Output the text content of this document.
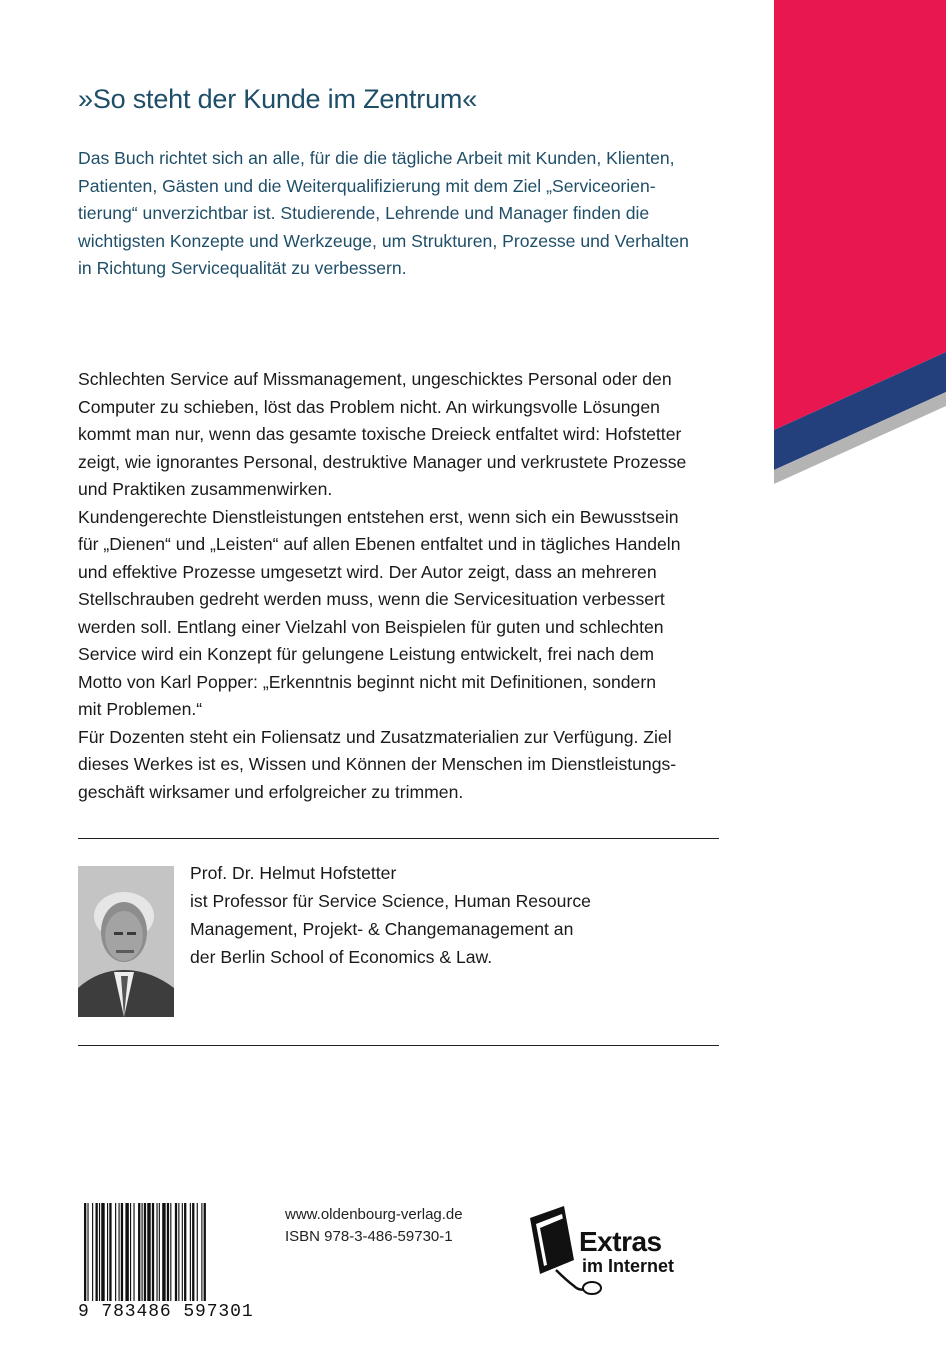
»So steht der Kunde im Zentrum«
Das Buch richtet sich an alle, für die die tägliche Arbeit mit Kunden, Klienten,
Patienten, Gästen und die Weiterqualifizierung mit dem Ziel „Serviceorien-
tierung“ unverzichtbar ist. Studierende, Lehrende und Manager finden die
wichtigsten Konzepte und Werkzeuge, um Strukturen, Prozesse und Verhalten
in Richtung Servicequalität zu verbessern.

Schlechten Service auf Missmanagement, ungeschicktes Personal oder den

Computer zu schieben, löst das Problem nicht. An wirkungsvolle Lösungen

kommt man nur, wenn das gesamte toxische Dreieck entfaltet wird: Hofstetter

zeigt, wie ignorantes Personal, destruktive Manager und verkrustete Prozesse

und Praktiken zusammenwirken.

Kundengerechte Dienstleistungen entstehen erst, wenn sich ein Bewusstsein

für „Dienen“ und „Leisten“ auf allen Ebenen entfaltet und in tägliches Handeln

und effektive Prozesse umgesetzt wird. Der Autor zeigt, dass an mehreren

Stellschrauben gedreht werden muss, wenn die Servicesituation verbessert

werden soll. Entlang einer Vielzahl von Beispielen für guten und schlechten

Service wird ein Konzept für gelungene Leistung entwickelt, frei nach dem

Motto von Karl Popper: „Erkenntnis beginnt nicht mit Definitionen, sondern

mit Problemen.“

Für Dozenten steht ein Foliensatz und Zusatzmaterialien zur Verfügung. Ziel

dieses Werkes ist es, Wissen und Können der Menschen im Dienstleistungs-

geschäft wirksamer und erfolgreicher zu trimmen.

Prof. Dr. Helmut Hofstetter
ist Professor für Service Science, Human Resource
Management, Projekt- & Changemanagement an
der Berlin School of Economics & Law.
9 783486 597301
www.oldenbourg-verlag.de
ISBN 978-3-486-59730-1	Extras
im Internet
